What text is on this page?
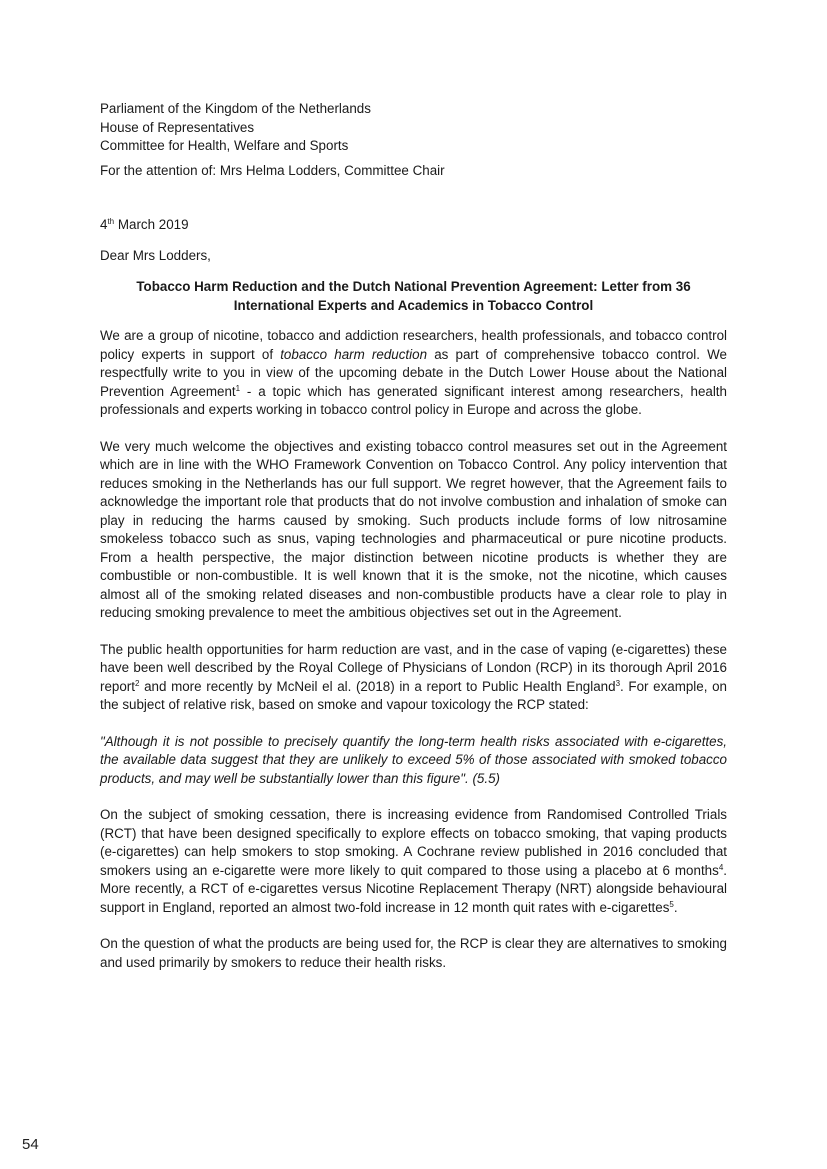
Parliament of the Kingdom of the Netherlands

House of Representatives

Committee for Health, Welfare and Sports

For the attention of: Mrs Helma Lodders, Committee Chair

4th March 2019

Dear Mrs Lodders,

Tobacco Harm Reduction and the Dutch National Prevention Agreement: Letter from 36 International Experts and Academics in Tobacco Control

We are a group of nicotine, tobacco and addiction researchers, health professionals, and tobacco control policy experts in support of tobacco harm reduction as part of comprehensive tobacco control. We respectfully write to you in view of the upcoming debate in the Dutch Lower House about the National Prevention Agreement$^1$ - a topic which has generated significant interest among researchers, health professionals and experts working in tobacco control policy in Europe and across the globe.

We very much welcome the objectives and existing tobacco control measures set out in the Agreement which are in line with the WHO Framework Convention on Tobacco Control. Any policy intervention that reduces smoking in the Netherlands has our full support. We regret however, that the Agreement fails to acknowledge the important role that products that do not involve combustion and inhalation of smoke can play in reducing the harms caused by smoking. Such products include forms of low nitrosamine smokeless tobacco such as snus, vaping technologies and pharmaceutical or pure nicotine products. From a health perspective, the major distinction between nicotine products is whether they are combustible or non-combustible. It is well known that it is the smoke, not the nicotine, which causes almost all of the smoking related diseases and non-combustible products have a clear role to play in reducing smoking prevalence to meet the ambitious objectives set out in the Agreement.

The public health opportunities for harm reduction are vast, and in the case of vaping (e-cigarettes) these have been well described by the Royal College of Physicians of London (RCP) in its thorough April 2016 report$^2$ and more recently by McNeil el al. (2018) in a report to Public Health England$^3$. For example, on the subject of relative risk, based on smoke and vapour toxicology the RCP stated:

"Although it is not possible to precisely quantify the long-term health risks associated with e-cigarettes, the available data suggest that they are unlikely to exceed 5% of those associated with smoked tobacco products, and may well be substantially lower than this figure". (5.5)

On the subject of smoking cessation, there is increasing evidence from Randomised Controlled Trials (RCT) that have been designed specifically to explore effects on tobacco smoking, that vaping products (e-cigarettes) can help smokers to stop smoking. A Cochrane review published in 2016 concluded that smokers using an e-cigarette were more likely to quit compared to those using a placebo at 6 months$^4$. More recently, a RCT of e-cigarettes versus Nicotine Replacement Therapy (NRT) alongside behavioural support in England, reported an almost two-fold increase in 12 month quit rates with e-cigarettes$^5$.

On the question of what the products are being used for, the RCP is clear they are alternatives to smoking and used primarily by smokers to reduce their health risks.

54
